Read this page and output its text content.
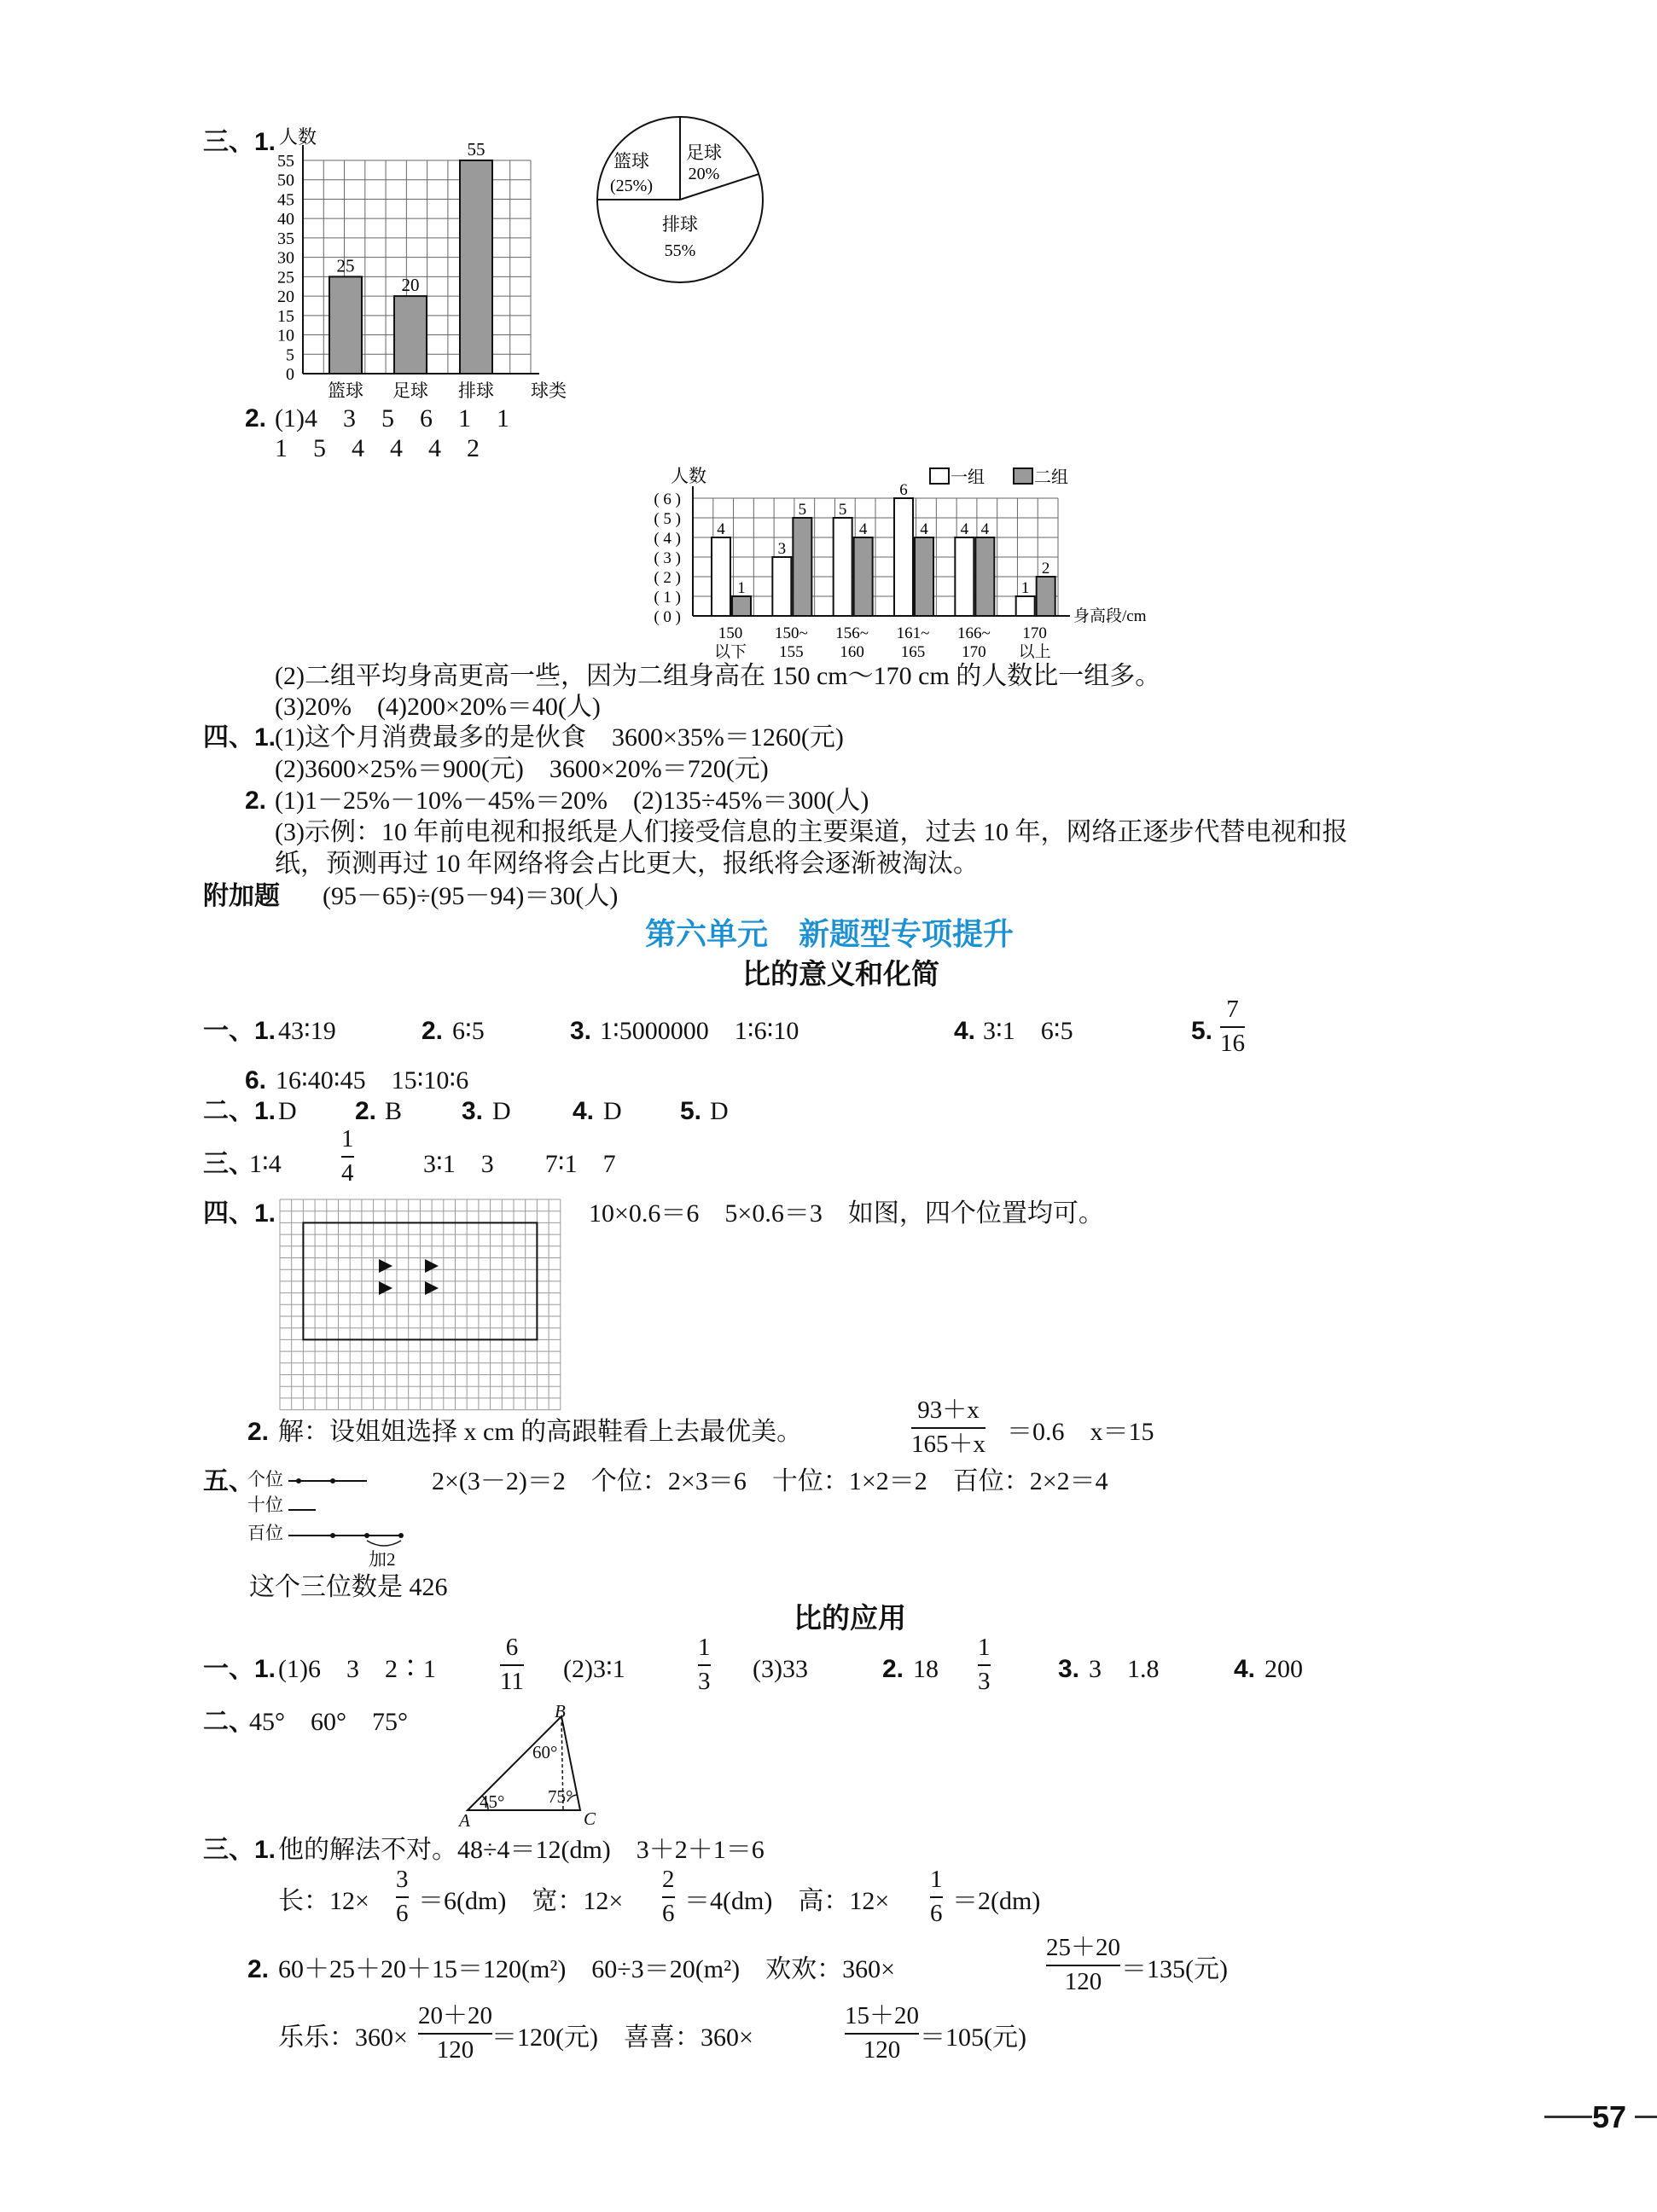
三、1.
0
5
10
15
20
25
30
35
40
45
50
55
人数
球类
25
篮球
20
足球
55
排球
篮球
(25%)
足球
20%
排球
55%
( 0 )
( 1 )
( 2 )
( 3 )
( 4 )
( 5 )
( 6 )
人数
身高段/cm
一组	二组
4
1
150
以下
3
5
150~
155
5
4
156~
160
6
4
161~
165
4 4
166~
170
1
2
170
以上
2. (1)4　3　5　6　1　1
1　5　4　4　4　2
(2)二组平均身高更高一些，因为二组身高在 150 cm～170 cm 的人数比一组多。
(3)20%　(4)200×20%＝40(人)
四、1.
(1)这个月消费最多的是伙食　3600×35%＝1260(元)
(2)3600×25%＝900(元)　3600×20%＝720(元)
2. (1)1－25%－10%－45%＝20%　(2)135÷45%＝300(人)
(3)示例：10 年前电视和报纸是人们接受信息的主要渠道，过去 10 年，网络正逐步代替电视和报
纸，预测再过 10 年网络将会占比更大，报纸将会逐渐被淘汰。
附加题 (95－65)÷(95－94)＝30(人)
第六单元　新题型专项提升
比的意义和化简
一、1. 43∶19	2. 6∶5	3. 1∶5000000　1∶6∶10	4. 3∶1　6∶5	5.
7
16
6. 16∶40∶45　15∶10∶6
二、1. D 2. B 3. D 4. D 5. D
三、
1∶4
1
4	3∶1　3　　7∶1　7
四、1.	10×0.6＝6　5×0.6＝3　如图，四个位置均可。
2. 解：设姐姐选择 x cm 的高跟鞋看上去最优美。
93＋x
165＋x ＝0.6　x＝15
五、
个位
十位
百位
加2
2×(3－2)＝2　个位：2×3＝6　十位：1×2＝2　百位：2×2＝4
这个三位数是 426
比的应用
一、1. (1)6　3　2∶1
6
11 (2)3∶1
1
3 (3)33	2. 18
1
3	3. 3　1.8	4. 200
二、
45°　60°　75°	B
A	C
60°
45° 75°
三、1. 他的解法不对。48÷4＝12(dm)　3＋2＋1＝6
长：12×
3
6 ＝6(dm)　宽：12×
2
6 ＝4(dm)　高：12×
1
6 ＝2(dm)
2. 60＋25＋20＋15＝120(m²)　60÷3＝20(m²)　欢欢：360×
25＋20
120 ＝135(元)
乐乐：360×
20＋20
120 ＝120(元)　喜喜：360×
15＋20
120 ＝105(元)
57
